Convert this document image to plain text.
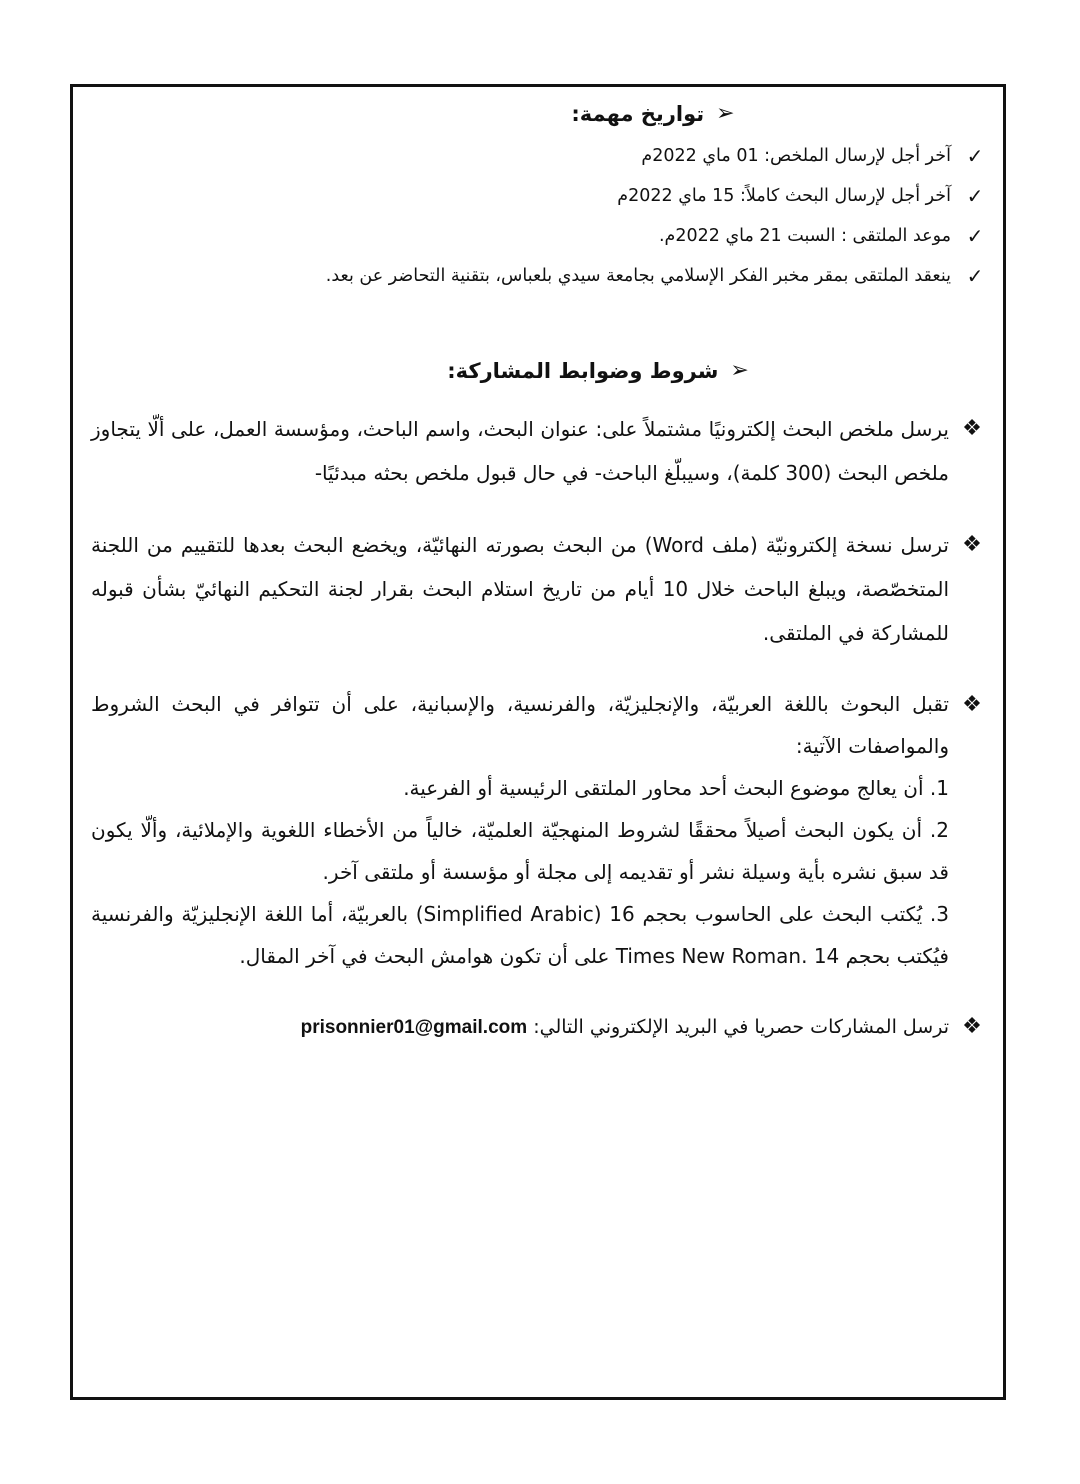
➢
تواريخ مهمة:
✓
آخر أجل لإرسال الملخص: 01 ماي 2022م
✓
آخر أجل لإرسال البحث كاملاً: 15 ماي 2022م
✓
موعد الملتقى : السبت 21 ماي 2022م.
✓
ينعقد الملتقى بمقر مخبر الفكر الإسلامي بجامعة سيدي بلعباس، بتقنية التحاضر عن بعد.
➢
شروط وضوابط المشاركة:
❖
يرسل ملخص البحث إلكترونيًا مشتملاً على: عنوان البحث، واسم الباحث، ومؤسسة العمل، على ألّا يتجاوز ملخص البحث (300 كلمة)، وسيبلّغ الباحث- في حال قبول ملخص بحثه مبدئيًا-
❖
ترسل نسخة إلكترونيّة (ملف Word) من البحث بصورته النهائيّة، ويخضع البحث بعدها للتقييم من اللجنة المتخصّصة، ويبلغ الباحث خلال 10 أيام من تاريخ استلام البحث بقرار لجنة التحكيم النهائيّ بشأن قبوله للمشاركة في الملتقى.
❖

تقبل البحوث باللغة العربيّة، والإنجليزيّة، والفرنسية، والإسبانية، على أن تتوافر في البحث الشروط والمواصفات الآتية:

1. أن يعالج موضوع البحث أحد محاور الملتقى الرئيسية أو الفرعية.

2. أن يكون البحث أصيلاً محققًا لشروط المنهجيّة العلميّة، خالياً من الأخطاء اللغوية والإملائية، وألّا يكون قد سبق نشره بأية وسيلة نشر أو تقديمه إلى مجلة أو مؤسسة أو ملتقى آخر.

3. يُكتب البحث على الحاسوب بحجم 16 (Simplified Arabic) بالعربيّة، أما اللغة الإنجليزيّة والفرنسية فيُكتب بحجم Times New Roman. 14 على أن تكون هوامش البحث في آخر المقال.

❖
ترسل المشاركات حصريا في البريد الإلكتروني التالي: prisonnier01@gmail.com
